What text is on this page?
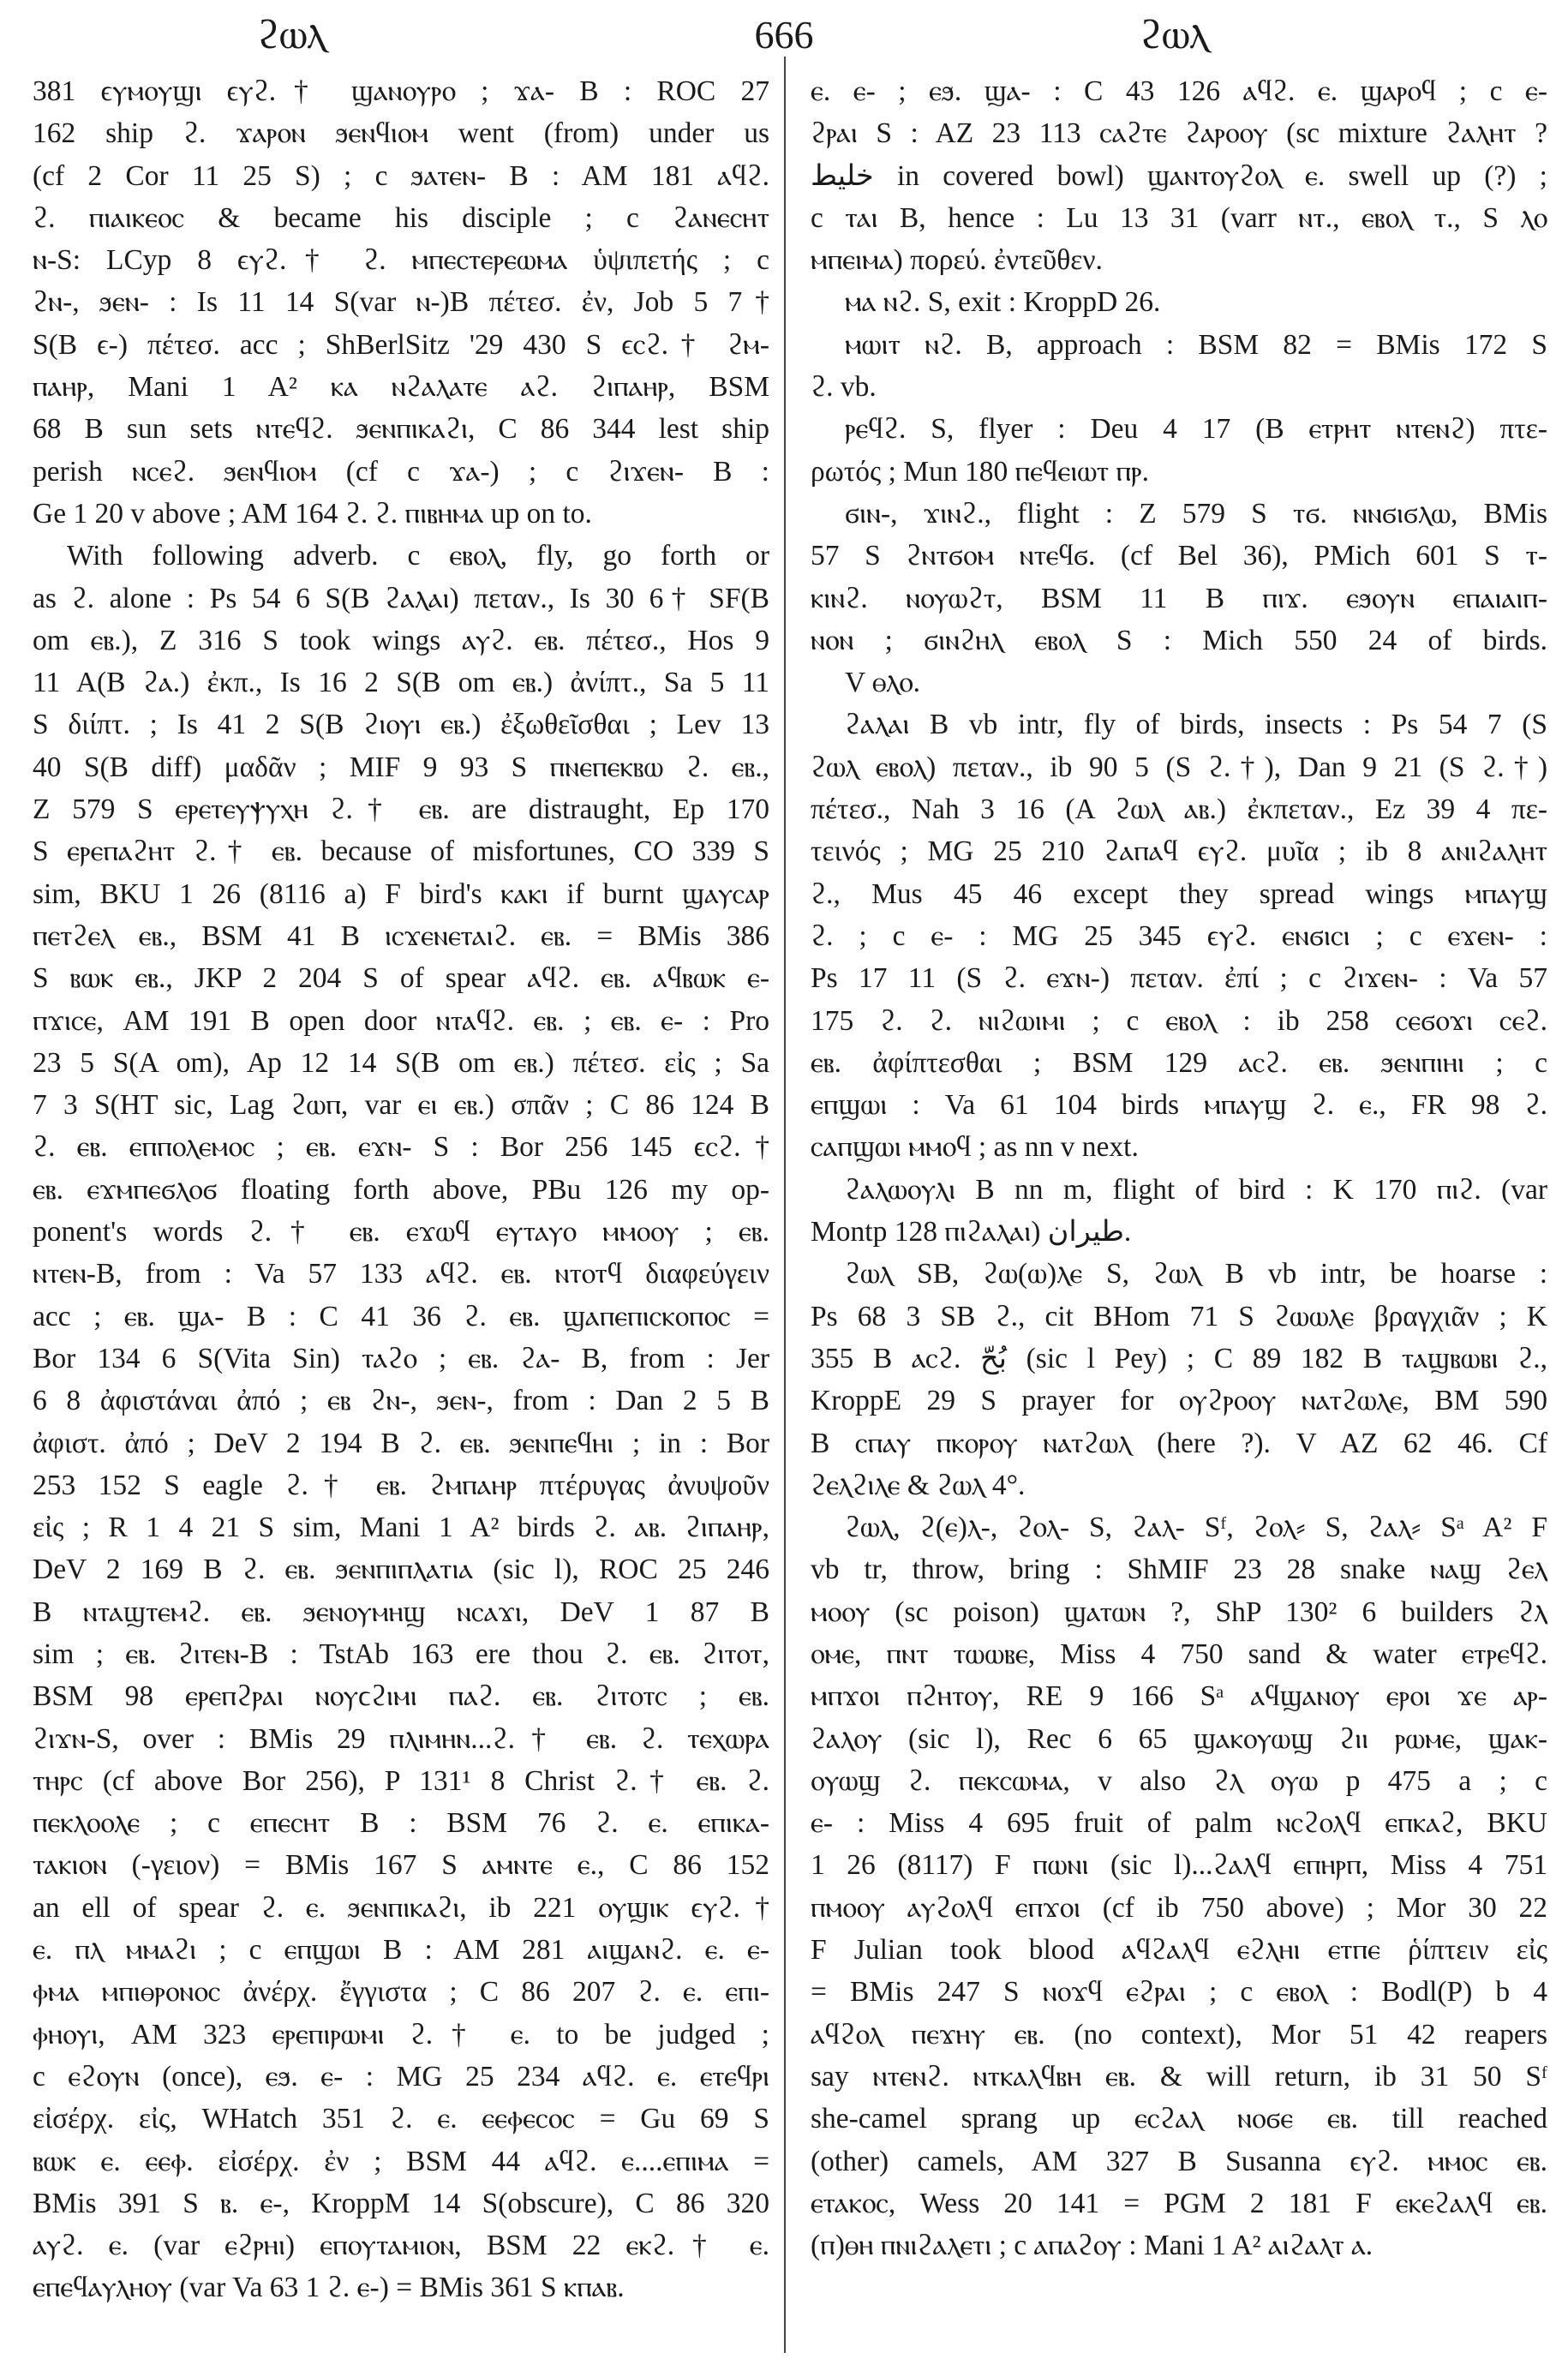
ϩⲱⲗ	666	ϩⲱⲗ
381 ϵⲩⲙⲟⲩϣⲓ ϵⲩϩ.† ϣⲁⲛⲟⲩⲣⲟ ; ϫⲁ- B : ROC 27
162 ship ϩ. ϫⲁⲣⲟⲛ ϧⲉⲛϥⲓⲟⲙ went (from) under us
(cf 2 Cor 11 25 S) ; c ϧⲁⲧⲉⲛ- B : AM 181 ⲁϥϩ.
ϩ. ⲡⲓⲁⲓⲕⲉⲟⲥ & became his disciple ; c ϩⲁⲛⲉⲥⲏⲧ
ⲛ-S: LCyp 8 ϵⲩϩ.† ϩ. ⲙⲡⲉⲥⲧⲉⲣⲉⲱⲙⲁ ὑψιπετής ; c
ϩⲛ-, ϧⲉⲛ- : Is 11 14 S(var ⲛ-)B πέτεσ. ἐν, Job 5 7†
S(B ϵ-) πέτεσ. acc ; ShBerlSitz '29 430 S ϵⲥϩ.† ϩⲙ-
ⲡⲁⲏⲣ, Mani 1 A² ⲕⲁ ⲛϩⲁⲗⲁⲧⲉ ⲁϩ. ϩⲓⲡⲁⲏⲣ, BSM
68 B sun sets ⲛⲧⲉϥϩ. ϧⲉⲛⲡⲓⲕⲁϩⲓ, C 86 344 lest ship
perish ⲛⲥⲉϩ. ϧⲉⲛϥⲓⲟⲙ (cf c ϫⲁ-) ; c ϩⲓϫⲉⲛ- B :
Ge 1 20 v above ; AM 164 ϩ. ϩ. ⲡⲓⲃⲏⲙⲁ up on to.
With following adverb. c ⲉⲃⲟⲗ, fly, go forth or
as ϩ. alone : Ps 54 6 S(B ϩⲁⲗⲁⲓ) πεταν., Is 30 6† SF(B
om ⲉⲃ.), Z 316 S took wings ⲁⲩϩ. ⲉⲃ. πέτεσ., Hos 9
11 A(B ϩⲁ.) ἐκπ., Is 16 2 S(B om ⲉⲃ.) ἀνίπτ., Sa 5 11
S διίπτ. ; Is 41 2 S(B ϩⲓⲟⲩⲓ ⲉⲃ.) ἐξωθεῖσθαι ; Lev 13
40 S(B diff) μαδᾶν ; MIF 9 93 S ⲡⲛⲉⲡⲉⲕⲃⲱ ϩ. ⲉⲃ.,
Z 579 S ⲉⲣⲉⲧⲉⲩⲯⲩⲭⲏ ϩ.† ⲉⲃ. are distraught, Ep 170
S ⲉⲣⲉⲡⲁϩⲏⲧ ϩ.† ⲉⲃ. because of misfortunes, CO 339 S
sim, BKU 1 26 (8116 a) F bird's ⲕⲁⲕⲓ if burnt ϣⲁⲩⲥⲁⲣ
ⲡⲉⲧϩⲉⲗ ⲉⲃ., BSM 41 B ⲓⲥϫⲉⲛⲉⲧⲁⲓϩ. ⲉⲃ. = BMis 386
S ⲃⲱⲕ ⲉⲃ., JKP 2 204 S of spear ⲁϥϩ. ⲉⲃ. ⲁϥⲃⲱⲕ ⲉ-
ⲡϫⲓⲥⲉ, AM 191 B open door ⲛⲧⲁϥϩ. ⲉⲃ. ; ⲉⲃ. ⲉ- : Pro
23 5 S(A om), Ap 12 14 S(B om ⲉⲃ.) πέτεσ. εἰς ; Sa
7 3 S(HT sic, Lag ϩⲱⲡ, var ⲉⲓ ⲉⲃ.) σπᾶν ; C 86 124 B
ϩ. ⲉⲃ. ⲉⲡⲡⲟⲗⲉⲙⲟⲥ ; ⲉⲃ. ⲉϫⲛ- S : Bor 256 145 ϵⲥϩ.†
ⲉⲃ. ⲉϫⲙⲡⲉϭⲗⲟϭ floating forth above, PBu 126 my op-
ponent's words ϩ.† ⲉⲃ. ⲉϫⲱϥ ⲉⲩⲧⲁⲩⲟ ⲙⲙⲟⲟⲩ ; ⲉⲃ.
ⲛⲧⲉⲛ-B, from : Va 57 133 ⲁϥϩ. ⲉⲃ. ⲛⲧⲟⲧϥ διαφεύγειν
acc ; ⲉⲃ. ϣⲁ- B : C 41 36 ϩ. ⲉⲃ. ϣⲁⲡⲉⲡⲓⲥⲕⲟⲡⲟⲥ =
Bor 134 6 S(Vita Sin) ⲧⲁϩⲟ ; ⲉⲃ. ϩⲁ- B, from : Jer
6 8 ἀφιστάναι ἀπό ; ⲉⲃ ϩⲛ-, ϧⲉⲛ-, from : Dan 2 5 B
ἀφιστ. ἀπό ; DeV 2 194 B ϩ. ⲉⲃ. ϧⲉⲛⲡⲉϥⲏⲓ ; in : Bor
253 152 S eagle ϩ.† ⲉⲃ. ϩⲙⲡⲁⲏⲣ πτέρυγας ἀνυψοῦν
εἰς ; R 1 4 21 S sim, Mani 1 A² birds ϩ. ⲁⲃ. ϩⲓⲡⲁⲏⲣ,
DeV 2 169 B ϩ. ⲉⲃ. ϧⲉⲛⲡⲓⲡⲗⲁⲧⲓⲁ (sic l), ROC 25 246
B ⲛⲧⲁϣⲧⲉⲙϩ. ⲉⲃ. ϧⲉⲛⲟⲩⲙⲏϣ ⲛⲥⲁϫⲓ, DeV 1 87 B
sim ; ⲉⲃ. ϩⲓⲧⲉⲛ-B : TstAb 163 ere thou ϩ. ⲉⲃ. ϩⲓⲧⲟⲧ,
BSM 98 ⲉⲣⲉⲡϩⲣⲁⲓ ⲛⲟⲩϲϩⲓⲙⲓ ⲡⲁϩ. ⲉⲃ. ϩⲓⲧⲟⲧⲥ ; ⲉⲃ.
ϩⲓϫⲛ-S, over : BMis 29 ⲡⲗⲓⲙⲏⲛ...ϩ.† ⲉⲃ. ϩ. ⲧⲉⲭⲱⲣⲁ
ⲧⲏⲣⲥ (cf above Bor 256), P 131¹ 8 Christ ϩ.† ⲉⲃ. ϩ.
ⲡⲉⲕⲗⲟⲟⲗⲉ ; c ⲉⲡⲉⲥⲏⲧ B : BSM 76 ϩ. ⲉ. ⲉⲡⲓⲕⲁ-
ⲧⲁⲕⲓⲟⲛ (-γειον) = BMis 167 S ⲁⲙⲛⲧⲉ ⲉ., C 86 152
an ell of spear ϩ. ⲉ. ϧⲉⲛⲡⲓⲕⲁϩⲓ, ib 221 ⲟⲩϣⲓⲕ ϵⲩϩ.†
ⲉ. ⲡⲗ ⲙⲙⲁϩⲓ ; c ⲉⲡϣⲱⲓ B : AM 281 ⲁⲓϣⲁⲛϩ. ⲉ. ⲉ-
ⲫⲙⲁ ⲙⲡⲓⲑⲣⲟⲛⲟⲥ ἀνέρχ. ἔγγιστα ; C 86 207 ϩ. ⲉ. ⲉⲡⲓ-
ⲫⲏⲟⲩⲓ, AM 323 ⲉⲣⲉⲡⲓⲣⲱⲙⲓ ϩ.† ⲉ. to be judged ;
c ⲉϩⲟⲩⲛ (once), ⲉϧ. ⲉ- : MG 25 234 ⲁϥϩ. ⲉ. ⲉⲧⲉϥⲣⲓ
εἰσέρχ. εἰς, WHatch 351 ϩ. ⲉ. ⲉⲉⲫⲉⲥⲟⲥ = Gu 69 S
ⲃⲱⲕ ⲉ. ⲉⲉⲫ. εἰσέρχ. ἐν ; BSM 44 ⲁϥϩ. ⲉ....ⲉⲡⲓⲙⲁ =
BMis 391 S ⲃ. ⲉ-, KroppM 14 S(obscure), C 86 320
ⲁⲩϩ. ⲉ. (var ⲉϩⲣⲏⲓ) ⲉⲡⲟⲩⲧⲁⲙⲓⲟⲛ, BSM 22 ⲉⲕϩ.† ⲉ.
ⲉⲡⲉϥⲁⲩⲗⲏⲟⲩ (var Va 63 1 ϩ. ⲉ-) = BMis 361 S ⲕⲡⲁⲃ.
ⲉ. ⲉ- ; ⲉϧ. ϣⲁ- : C 43 126 ⲁϥϩ. ⲉ. ϣⲁⲣⲟϥ ; c ⲉ-
ϩⲣⲁⲓ S : AZ 23 113 ⲥⲁϩⲧⲉ ϩⲁⲣⲟⲟⲩ (sc mixture ϩⲁⲗⲏⲧ ?
خليط in covered bowl) ϣⲁⲛⲧⲟⲩϩⲟⲗ ⲉ. swell up (?) ;
c ⲧⲁⲓ B, hence : Lu 13 31 (varr ⲛⲧ., ⲉⲃⲟⲗ ⲧ., S ⲗⲟ
ⲙⲡⲉⲓⲙⲁ) πορεύ. ἐντεῦθεν.
ⲙⲁ ⲛϩ. S, exit : KroppD 26.
ⲙⲱⲓⲧ ⲛϩ. B, approach : BSM 82 = BMis 172 S
ϩ. vb.
ⲣⲉϥϩ. S, flyer : Deu 4 17 (B ⲉⲧⲣⲏⲧ ⲛⲧⲉⲛϩ) πτε-
ρωτός ; Mun 180 ⲡⲉϥⲉⲓⲱⲧ ⲡⲣ.
ϭⲓⲛ-, ϫⲓⲛϩ., flight : Z 579 S ⲧϭ. ⲛⲛϭⲓϭⲗⲱ, BMis
57 S ϩⲛⲧϭⲟⲙ ⲛⲧⲉϥϭ. (cf Bel 36), PMich 601 S ⲧ-
ⲕⲓⲛϩ. ⲛⲟⲩⲱϩⲧ, BSM 11 B ⲡⲓϫ. ⲉϧⲟⲩⲛ ⲉⲡⲁⲓⲁⲓⲡ-
ⲛⲟⲛ ; ϭⲓⲛϩⲏⲗ ⲉⲃⲟⲗ S : Mich 550 24 of birds.
V ⲑⲗⲟ.
ϩⲁⲗⲁⲓ B vb intr, fly of birds, insects : Ps 54 7 (S
ϩⲱⲗ ⲉⲃⲟⲗ) πεταν., ib 90 5 (S ϩ.†), Dan 9 21 (S ϩ.†)
πέτεσ., Nah 3 16 (A ϩⲱⲗ ⲁⲃ.) ἐκπεταν., Ez 39 4 πε-
τεινός ; MG 25 210 ϩⲁⲡⲁϥ ϵⲩϩ. μυῖα ; ib 8 ⲁⲛⲓϩⲁⲗⲏⲧ
ϩ., Mus 45 46 except they spread wings ⲙⲡⲁⲩϣ
ϩ. ; c ⲉ- : MG 25 345 ϵⲩϩ. ⲉⲛϭⲓⲥⲓ ; c ⲉϫⲉⲛ- :
Ps 17 11 (S ϩ. ⲉϫⲛ-) πεταν. ἐπί ; c ϩⲓϫⲉⲛ- : Va 57
175 ϩ. ϩ. ⲛⲓϩⲱⲓⲙⲓ ; c ⲉⲃⲟⲗ : ib 258 ⲥⲉϭⲟϫⲓ ⲥⲉϩ.
ⲉⲃ. ἀφίπτεσθαι ; BSM 129 ⲁⲥϩ. ⲉⲃ. ϧⲉⲛⲡⲓⲏⲓ ; c
ⲉⲡϣⲱⲓ : Va 61 104 birds ⲙⲡⲁⲩϣ ϩ. ⲉ., FR 98 ϩ.
ⲥⲁⲡϣⲱⲓ ⲙⲙⲟϥ ; as nn v next.
ϩⲁⲗⲱⲟⲩⲗⲓ B nn m, flight of bird : K 170 ⲡⲓϩ. (var
Montp 128 ⲡⲓϩⲁⲗⲁⲓ) طيران.
ϩⲱⲗ SB, ϩⲱ(ⲱ)ⲗⲉ S, ϩⲱⲗ B vb intr, be hoarse :
Ps 68 3 SB ϩ., cit BHom 71 S ϩⲱⲱⲗⲉ βραγχιᾶν ; K
355 B ⲁⲥϩ. بُحّ (sic l Pey) ; C 89 182 B ⲧⲁϣⲃⲱⲃⲓ ϩ.,
KroppE 29 S prayer for ⲟⲩϩⲣⲟⲟⲩ ⲛⲁⲧϩⲱⲗⲉ, BM 590
B ⲥⲡⲁⲩ ⲡⲕⲟⲣⲟⲩ ⲛⲁⲧϩⲱⲗ (here ?). V AZ 62 46. Cf
ϩⲉⲗϩⲓⲗⲉ & ϩⲱⲗ 4°.
ϩⲱⲗ, ϩ(ⲉ)ⲗ-, ϩⲟⲗ- S, ϩⲁⲗ- Sᶠ, ϩⲟⲗ⸗ S, ϩⲁⲗ⸗ Sᵃ A² F
vb tr, throw, bring : ShMIF 23 28 snake ⲛⲁϣ ϩⲉⲗ
ⲙⲟⲟⲩ (sc poison) ϣⲁⲧⲱⲛ ?, ShP 130² 6 builders ϩⲗ
ⲟⲙⲉ, ⲡⲛⲧ ⲧⲱⲱⲃⲉ, Miss 4 750 sand & water ⲉⲧⲣⲉϥϩ.
ⲙⲡϫⲟⲓ ⲡϩⲏⲧⲟⲩ, RE 9 166 Sᵃ ⲁϥϣⲁⲛⲟⲩ ⲉⲣⲟⲓ ϫⲉ ⲁⲣ-
ϩⲁⲗⲟⲩ (sic l), Rec 6 65 ϣⲁⲕⲟⲩⲱϣ ϩⲓⲓ ⲣⲱⲙⲉ, ϣⲁⲕ-
ⲟⲩⲱϣ ϩ. ⲡⲉⲕⲥⲱⲙⲁ, v also ϩⲗ ⲟⲩⲱ p 475 a ; c
ⲉ- : Miss 4 695 fruit of palm ⲛⲥϩⲟⲗϥ ⲉⲡⲕⲁϩ, BKU
1 26 (8117) F ⲡⲱⲛⲓ (sic l)...ϩⲁⲗϥ ⲉⲡⲏⲣⲡ, Miss 4 751
ⲡⲙⲟⲟⲩ ⲁⲩϩⲟⲗϥ ⲉⲡϫⲟⲓ (cf ib 750 above) ; Mor 30 22
F Julian took blood ⲁϥϩⲁⲗϥ ⲉϩⲗⲏⲓ ⲉⲧⲡⲉ ῥίπτειν εἰς
= BMis 247 S ⲛⲟϫϥ ⲉϩⲣⲁⲓ ; c ⲉⲃⲟⲗ : Bodl(P) b 4
ⲁϥϩⲟⲗ ⲡⲉϫⲏⲩ ⲉⲃ. (no context), Mor 51 42 reapers
say ⲛⲧⲉⲛϩ. ⲛⲧⲕⲁⲗϥⲃⲏ ⲉⲃ. & will return, ib 31 50 Sᶠ
she-camel sprang up ⲉⲥϩⲁⲗ ⲛⲟϭⲉ ⲉⲃ. till reached
(other) camels, AM 327 B Susanna ϵⲩϩ. ⲙⲙⲟⲥ ⲉⲃ.
ⲉⲧⲁⲕⲟⲥ, Wess 20 141 = PGM 2 181 F ⲉⲕⲉϩⲁⲗϥ ⲉⲃ.
(ⲡ)ⲑⲏ ⲡⲛⲓϩⲁⲗⲉⲧⲓ ; c ⲁⲡⲁϩⲟⲩ : Mani 1 A² ⲁⲓϩⲁⲗⲧ ⲁ.
